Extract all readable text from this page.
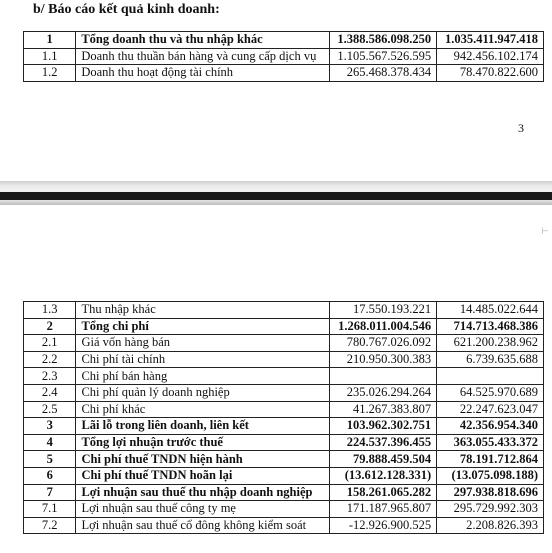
b/ Báo cáo kết quả kinh doanh:
1	Tổng doanh thu và thu nhập khác	1.388.586.098.250	1.035.411.947.418
1.1	Doanh thu thuần bán hàng và cung cấp dịch vụ	1.105.567.526.595	942.456.102.174
1.2	Doanh thu hoạt động tài chính	265.468.378.434	78.470.822.600
3
⊢
1.3	Thu nhập khác	17.550.193.221	14.485.022.644
2	Tổng chi phí	1.268.011.004.546	714.713.468.386
2.1	Giá vốn hàng bán	780.767.026.092	621.200.238.962
2.2	Chi phí tài chính	210.950.300.383	6.739.635.688
2.3	Chi phí bán hàng		
2.4	Chi phí quản lý doanh nghiệp	235.026.294.264	64.525.970.689
2.5	Chi phí khác	41.267.383.807	22.247.623.047
3	Lãi lỗ trong liên doanh, liên kết	103.962.302.751	42.356.954.340
4	Tổng lợi nhuận trước thuế	224.537.396.455	363.055.433.372
5	Chi phí thuế TNDN hiện hành	79.888.459.504	78.191.712.864
6	Chi phí thuế TNDN hoãn lại	(13.612.128.331)	(13.075.098.188)
7	Lợi nhuận sau thuế thu nhập doanh nghiệp	158.261.065.282	297.938.818.696
7.1	Lợi nhuận sau thuế công ty mẹ	171.187.965.807	295.729.992.303
7.2	Lợi nhuận sau thuế cổ đông không kiểm soát	-12.926.900.525	2.208.826.393
